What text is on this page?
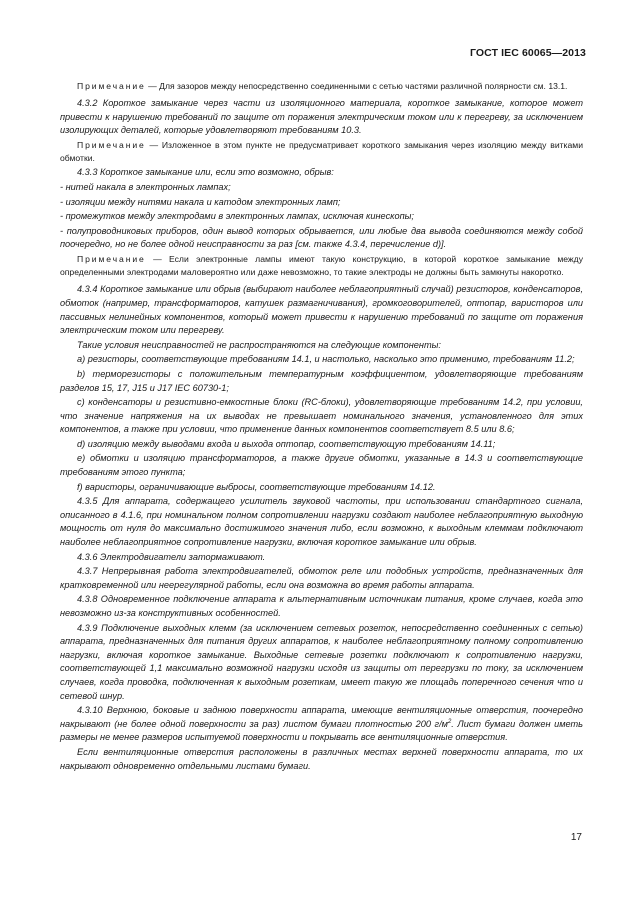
ГОСТ IEC 60065—2013

Примечание — Для зазоров между непосредственно соединенными с сетью частями различной полярности см. 13.1.

4.3.2 Короткое замыкание через части из изоляционного материала, короткое замыкание, которое может привести к нарушению требований по защите от поражения электрическим током или к перегреву, за исключением изолирующих деталей, которые удовлетворяют требованиям 10.3.

Примечание — Изложенное в этом пункте не предусматривает короткого замыкания через изоляцию между витками обмотки.

4.3.3 Короткое замыкание или, если это возможно, обрыв:

- нитей накала в электронных лампах;

- изоляции между нитями накала и катодом электронных ламп;

- промежутков между электродами в электронных лампах, исключая кинескопы;

- полупроводниковых приборов, один вывод которых обрывается, или любые два вывода соединяются между собой поочередно, но не более одной неисправности за раз [см. также 4.3.4, перечисление d)].

Примечание — Если электронные лампы имеют такую конструкцию, в которой короткое замыкание между определенными электродами маловероятно или даже невозможно, то такие электроды не должны быть замкнуты накоротко.

4.3.4 Короткое замыкание или обрыв (выбирают наиболее неблагоприятный случай) резисторов, конденсаторов, обмоток (например, трансформаторов, катушек размагничивания), громкоговорителей, оптопар, варисторов или пассивных нелинейных компонентов, который может привести к нарушению требований по защите от поражения электрическим током или перегреву.

Такие условия неисправностей не распространяются на следующие компоненты:

a) резисторы, соответствующие требованиям 14.1, и настолько, насколько это применимо, требованиям 11.2;

b) терморезисторы с положительным температурным коэффициентом, удовлетворяющие требованиям разделов 15, 17, J15 и J17 IEC 60730-1;

c) конденсаторы и резистивно-емкостные блоки (RC-блоки), удовлетворяющие требованиям 14.2, при условии, что значение напряжения на их выводах не превышает номинального значения, установленного для этих компонентов, а также при условии, что применение данных компонентов соответствует 8.5 или 8.6;

d) изоляцию между выводами входа и выхода оптопар, соответствующую требованиям 14.11;

e) обмотки и изоляцию трансформаторов, а также другие обмотки, указанные в 14.3 и соответствующие требованиям этого пункта;

f) варисторы, ограничивающие выбросы, соответствующие требованиям 14.12.

4.3.5 Для аппарата, содержащего усилитель звуковой частоты, при использовании стандартного сигнала, описанного в 4.1.6, при номинальном полном сопротивлении нагрузки создают наиболее неблагоприятную выходную мощность от нуля до максимально достижимого значения либо, если возможно, к выходным клеммам подключают наиболее неблагоприятное сопротивление нагрузки, включая короткое замыкание или обрыв.

4.3.6 Электродвигатели затормаживают.

4.3.7 Непрерывная работа электродвигателей, обмоток реле или подобных устройств, предназначенных для кратковременной или неерегулярной работы, если она возможна во время работы аппарата.

4.3.8 Одновременное подключение аппарата к альтернативным источникам питания, кроме случаев, когда это невозможно из-за конструктивных особенностей.

4.3.9 Подключение выходных клемм (за исключением сетевых розеток, непосредственно соединенных с сетью) аппарата, предназначенных для питания других аппаратов, к наиболее неблагоприятному полному сопротивлению нагрузки, включая короткое замыкание. Выходные сетевые розетки подключают к сопротивлению нагрузки, соответствующей 1,1 максимально возможной нагрузки исходя из защиты от перегрузки по току, за исключением случаев, когда проводка, подключенная к выходным розеткам, имеет такую же площадь поперечного сечения что и сетевой шнур.

4.3.10 Верхнюю, боковые и заднюю поверхности аппарата, имеющие вентиляционные отверстия, поочередно накрывают (не более одной поверхности за раз) листом бумаги плотностью 200 $г/м^2$. Лист бумаги должен иметь размеры не менее размеров испытуемой поверхности и покрывать все вентиляционные отверстия.

Если вентиляционные отверстия расположены в различных местах верхней поверхности аппарата, то их накрывают одновременно отдельными листами бумаги.

17
